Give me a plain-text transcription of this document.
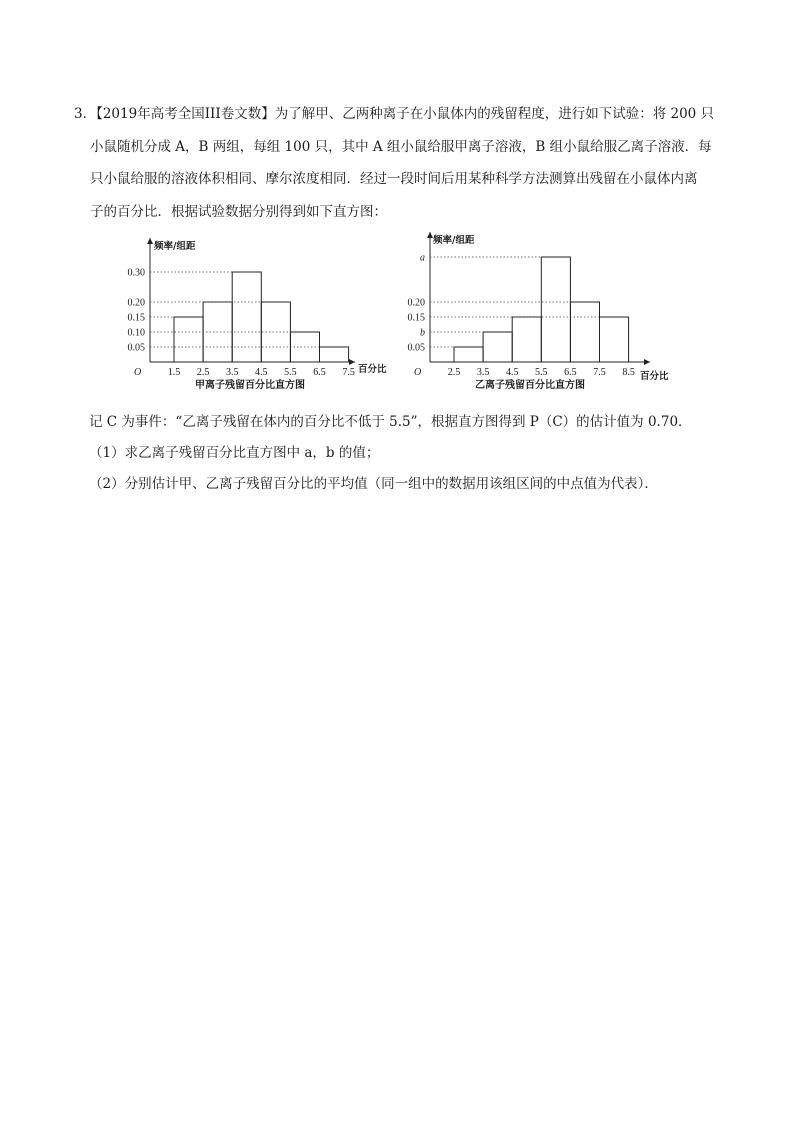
3．【2019年高考全国III卷文数】为了解甲、乙两种离子在小鼠体内的残留程度，进行如下试验：将 200 只

小鼠随机分成 A，B 两组，每组 100 只，其中 A 组小鼠给服甲离子溶液，B 组小鼠给服乙离子溶液．每

只小鼠给服的溶液体积相同、摩尔浓度相同．经过一段时间后用某种科学方法测算出残留在小鼠体内离

子的百分比．根据试验数据分别得到如下直方图：

频率/组距
百分比
O
甲离子残留百分比直方图
0.05
0.10
0.15
0.20
0.30
1.5 2.5 3.5 4.5 5.5 6.5 7.5
频率/组距
百分比
O
乙离子残留百分比直方图
0.05
b
0.15
0.20
a
2.5 3.5 4.5 5.5 6.5 7.5 8.5

记 C 为事件：“乙离子残留在体内的百分比不低于 5.5”，根据直方图得到 P（C）的估计值为 0.70．

（1）求乙离子残留百分比直方图中 a，b 的值；

（2）分别估计甲、乙离子残留百分比的平均值（同一组中的数据用该组区间的中点值为代表）．
